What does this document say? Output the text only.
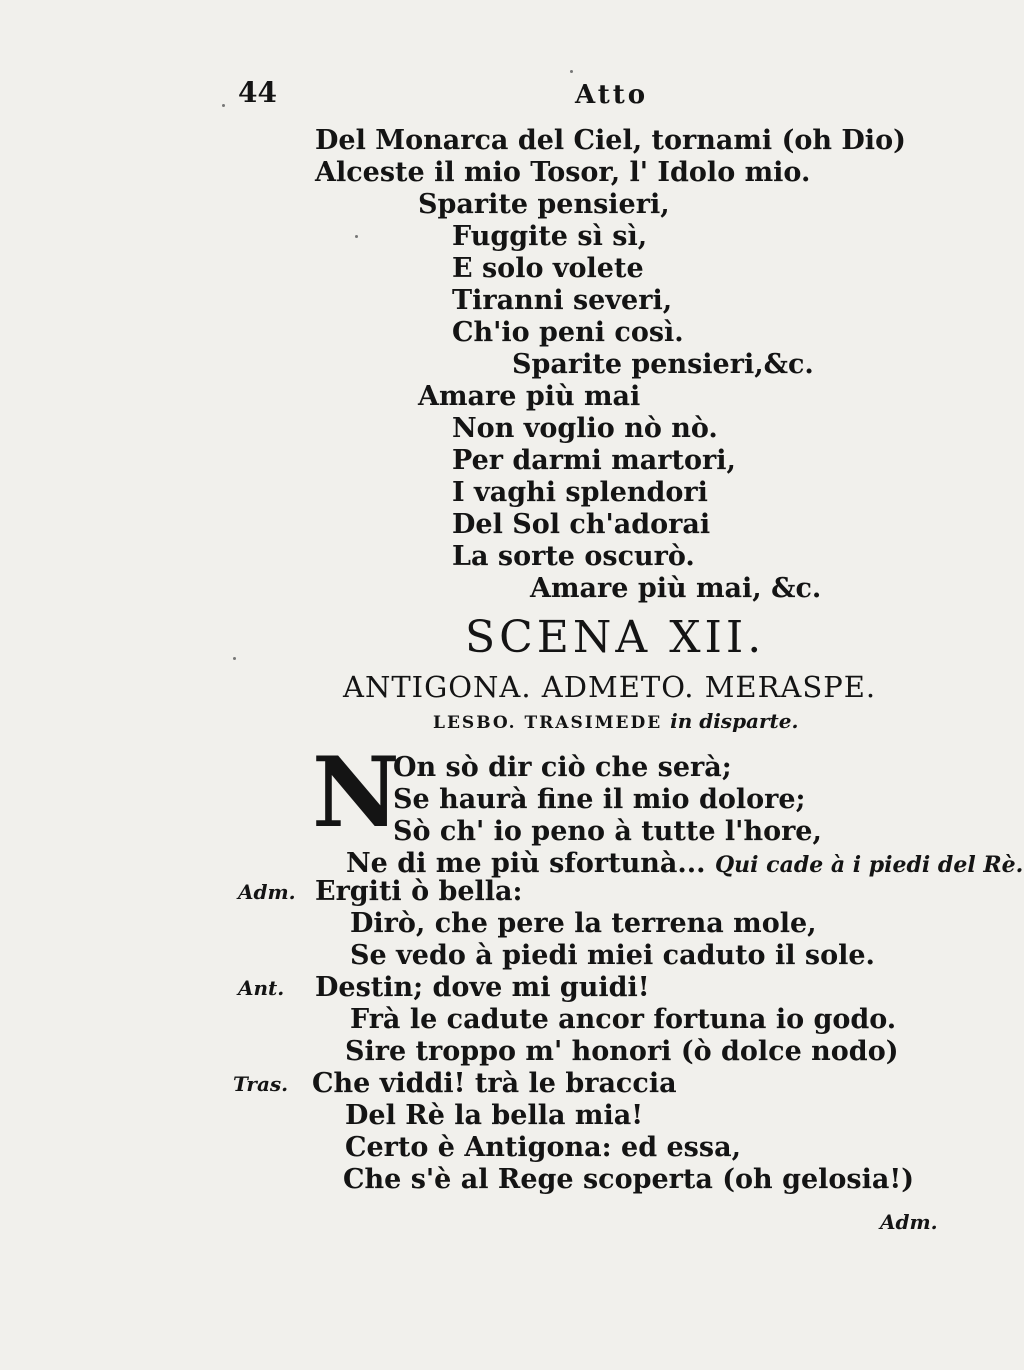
44	Atto
Del Monarca del Ciel, tornami (oh Dio)
Alceste il mio Tosor, l' Idolo mio.
Sparite pensieri,
Fuggite sì sì,
E solo volete
Tiranni severi,
Ch'io peni così.
Sparite pensieri,&c.
Amare più mai
Non voglio nò nò.
Per darmi martori,
I vaghi splendori
Del Sol ch'adorai
La sorte oscurò.
Amare più mai, &c.
SCENA XII.
ANTIGONA. ADMETO. MERASPE.
LESBO. TRASIMEDE in disparte.
N
On sò dir ciò che serà;
Se haurà fine il mio dolore;
Sò ch' io peno à tutte l'hore,
Ne di me più sfortunà... Qui cade à i piedi del Rè.
Adm. Ergiti ò bella:
Dirò, che pere la terrena mole,
Se vedo à piedi miei caduto il sole.
Ant. Destin; dove mi guidi!
Frà le cadute ancor fortuna io godo.
Sire troppo m' honori (ò dolce nodo)
Tras. Che viddi! trà le braccia
Del Rè la bella mia!
Certo è Antigona: ed essa,
Che s'è al Rege scoperta (oh gelosia!)
Adm.
